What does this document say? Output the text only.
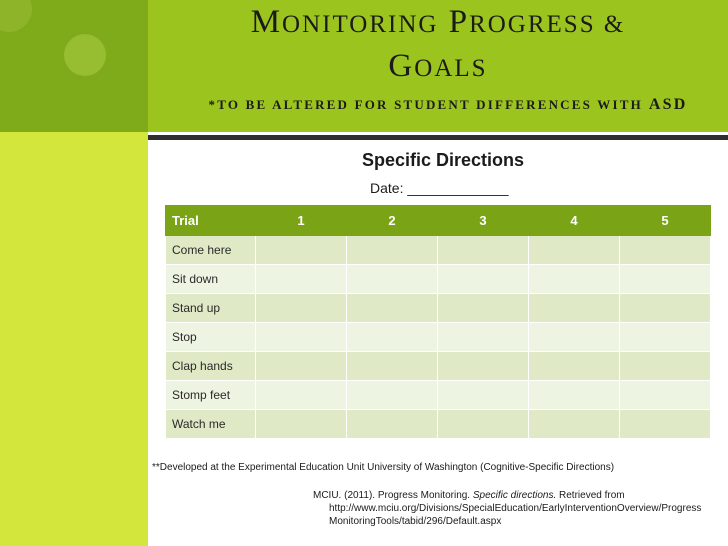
MONITORING PROGRESS &
GOALS
*TO BE ALTERED FOR STUDENT DIFFERENCES WITH ASD
Specific Directions
Date: _____________
Trial	1	2	3	4	5
Come here					
Sit down					
Stand up					
Stop					
Clap hands					
Stomp feet					
Watch me					
**Developed at the Experimental Education Unit University of Washington (Cognitive-Specific Directions)
MCIU. (2011). Progress Monitoring. Specific directions. Retrieved from
http://www.mciu.org/Divisions/SpecialEducation/EarlyInterventionOverview/Progress
MonitoringTools/tabid/296/Default.aspx
